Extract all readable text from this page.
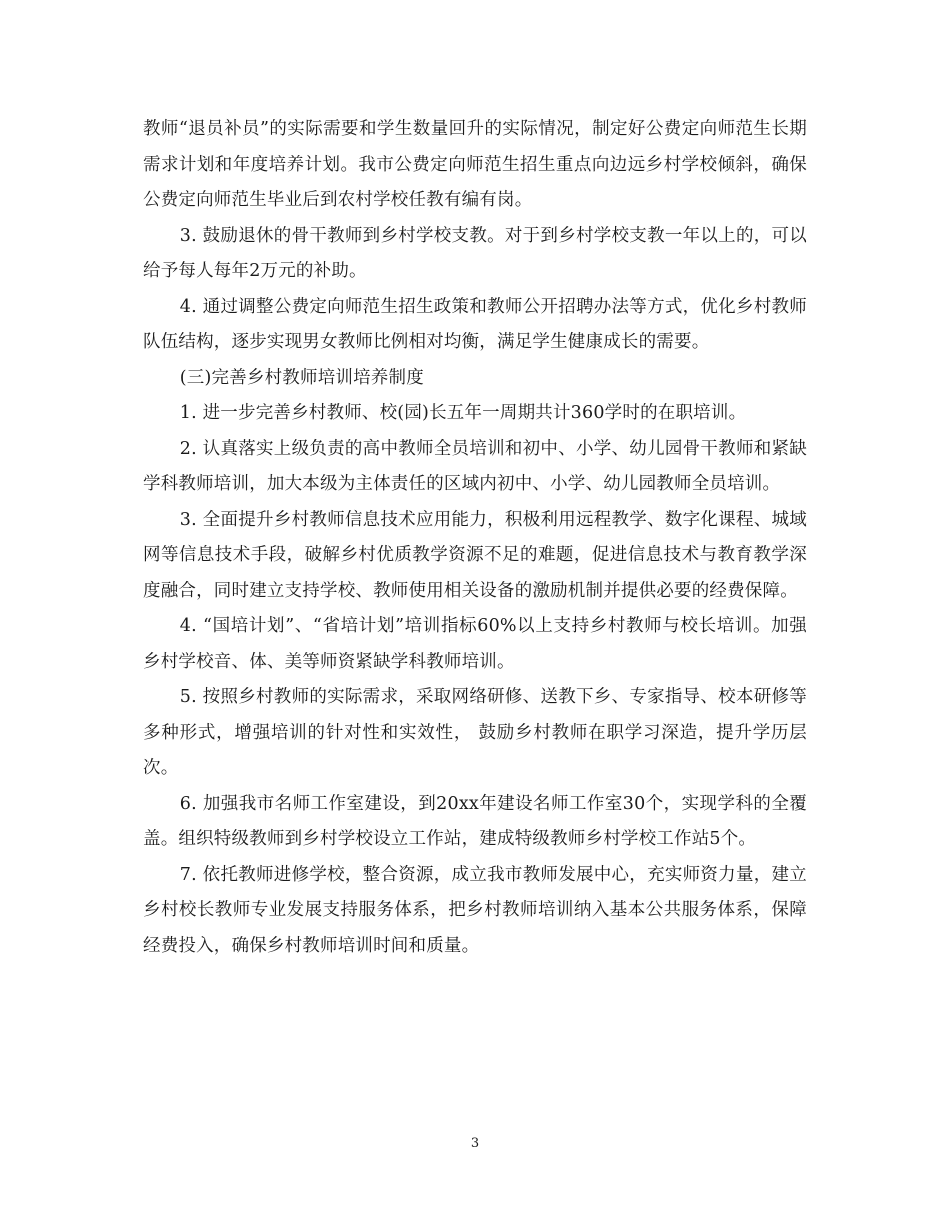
教师“退员补员”的实际需要和学生数量回升的实际情况，制定好公费定向师范生长期需求计划和年度培养计划。我市公费定向师范生招生重点向边远乡村学校倾斜，确保公费定向师范生毕业后到农村学校任教有编有岗。

3. 鼓励退休的骨干教师到乡村学校支教。对于到乡村学校支教一年以上的，可以给予每人每年2万元的补助。

4. 通过调整公费定向师范生招生政策和教师公开招聘办法等方式，优化乡村教师队伍结构，逐步实现男女教师比例相对均衡，满足学生健康成长的需要。

(三)完善乡村教师培训培养制度

1. 进一步完善乡村教师、校(园)长五年一周期共计360学时的在职培训。

2. 认真落实上级负责的高中教师全员培训和初中、小学、幼儿园骨干教师和紧缺学科教师培训，加大本级为主体责任的区域内初中、小学、幼儿园教师全员培训。

3. 全面提升乡村教师信息技术应用能力，积极利用远程教学、数字化课程、城域网等信息技术手段，破解乡村优质教学资源不足的难题，促进信息技术与教育教学深度融合，同时建立支持学校、教师使用相关设备的激励机制并提供必要的经费保障。

4. “国培计划”、“省培计划”培训指标60%以上支持乡村教师与校长培训。加强乡村学校音、体、美等师资紧缺学科教师培训。

5. 按照乡村教师的实际需求，采取网络研修、送教下乡、专家指导、校本研修等多种形式，增强培训的针对性和实效性， 鼓励乡村教师在职学习深造，提升学历层次。

6. 加强我市名师工作室建设，到20xx年建设名师工作室30个，实现学科的全覆盖。组织特级教师到乡村学校设立工作站，建成特级教师乡村学校工作站5个。

7. 依托教师进修学校，整合资源，成立我市教师发展中心，充实师资力量，建立乡村校长教师专业发展支持服务体系，把乡村教师培训纳入基本公共服务体系，保障经费投入，确保乡村教师培训时间和质量。

3
